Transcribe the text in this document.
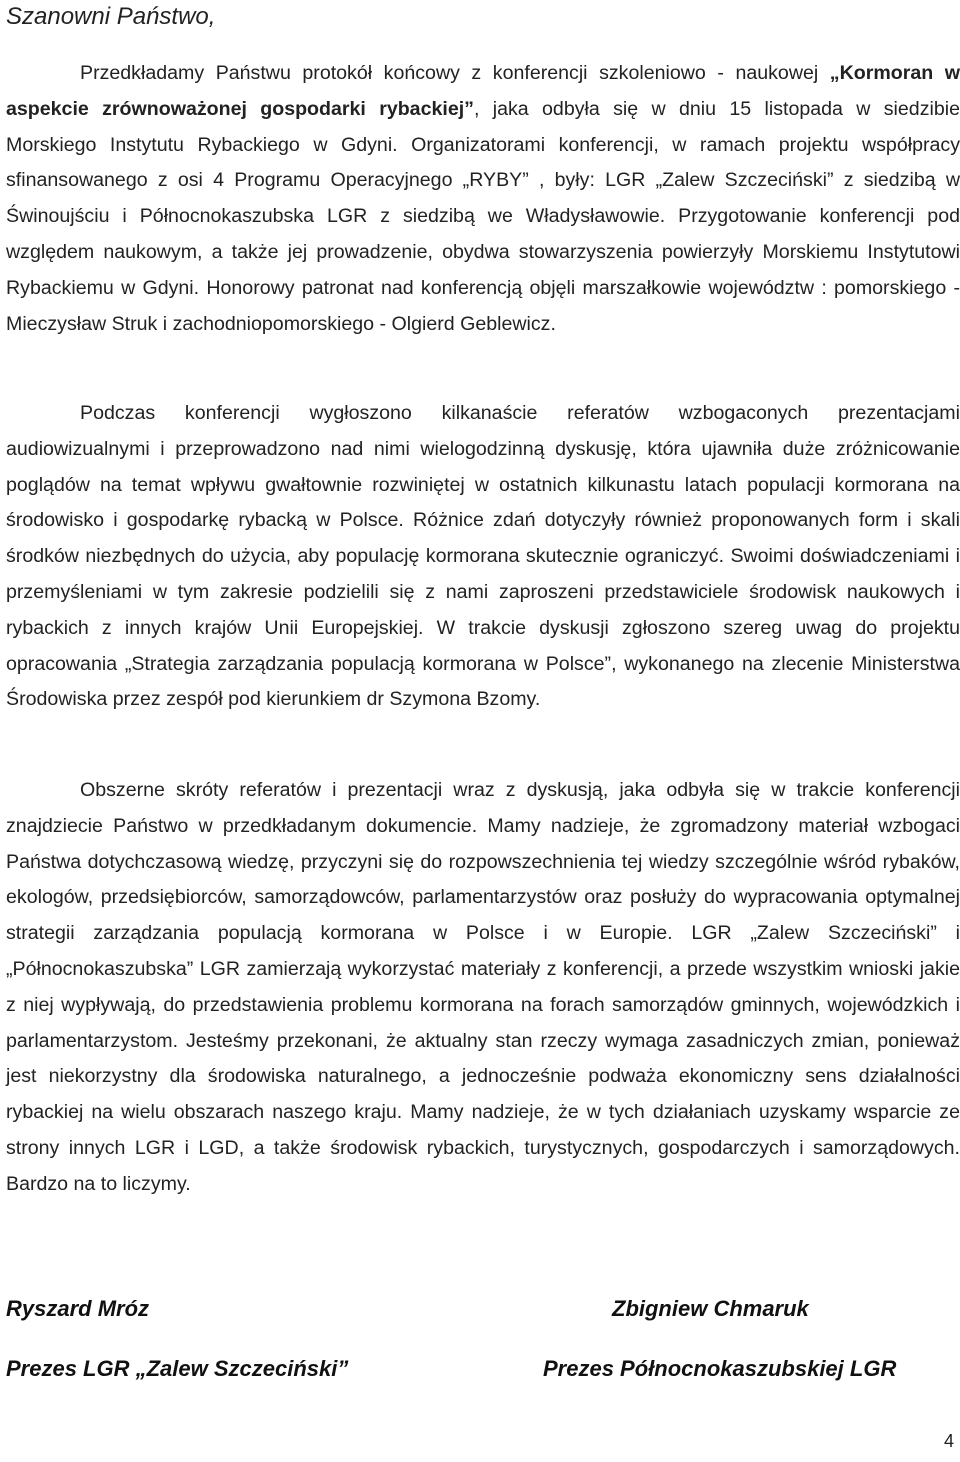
Szanowni Państwo,

Przedkładamy Państwu protokół końcowy z konferencji szkoleniowo - naukowej „Kormoran w aspekcie zrównoważonej gospodarki rybackiej”, jaka odbyła się w dniu 15 listopada w siedzibie Morskiego Instytutu Rybackiego w Gdyni. Organizatorami konferencji, w ramach projektu współpracy sfinansowanego z osi 4 Programu Operacyjnego „RYBY” , były: LGR „Zalew Szczeciński” z siedzibą w Świnoujściu i Północnokaszubska LGR z siedzibą we Władysławowie. Przygotowanie konferencji pod względem naukowym, a także jej prowadzenie, obydwa stowarzyszenia powierzyły Morskiemu Instytutowi Rybackiemu w Gdyni. Honorowy patronat nad konferencją objęli marszałkowie województw : pomorskiego - Mieczysław Struk i zachodniopomorskiego - Olgierd Geblewicz.

Podczas konferencji wygłoszono kilkanaście referatów wzbogaconych prezentacjami audiowizualnymi i przeprowadzono nad nimi wielogodzinną dyskusję, która ujawniła duże zróżnicowanie poglądów na temat wpływu gwałtownie rozwiniętej w ostatnich kilkunastu latach populacji kormorana na środowisko i gospodarkę rybacką w Polsce. Różnice zdań dotyczyły również proponowanych form i skali środków niezbędnych do użycia, aby populację kormorana skutecznie ograniczyć. Swoimi doświadczeniami i przemyśleniami w tym zakresie podzielili się z nami zaproszeni przedstawiciele środowisk naukowych i rybackich z innych krajów Unii Europejskiej. W trakcie dyskusji zgłoszono szereg uwag do projektu opracowania „Strategia zarządzania populacją kormorana w Polsce”, wykonanego na zlecenie Ministerstwa Środowiska przez zespół pod kierunkiem dr Szymona Bzomy.

Obszerne skróty referatów i prezentacji wraz z dyskusją, jaka odbyła się w trakcie konferencji znajdziecie Państwo w przedkładanym dokumencie. Mamy nadzieje, że zgromadzony materiał wzbogaci Państwa dotychczasową wiedzę, przyczyni się do rozpowszechnienia tej wiedzy szczególnie wśród rybaków, ekologów, przedsiębiorców, samorządowców, parlamentarzystów oraz posłuży do wypracowania optymalnej strategii zarządzania populacją kormorana w Polsce i w Europie. LGR „Zalew Szczeciński” i „Północnokaszubska” LGR zamierzają wykorzystać materiały z konferencji, a przede wszystkim wnioski jakie z niej wypływają, do przedstawienia problemu kormorana na forach samorządów gminnych, wojewódzkich i parlamentarzystom. Jesteśmy przekonani, że aktualny stan rzeczy wymaga zasadniczych zmian, ponieważ jest niekorzystny dla środowiska naturalnego, a jednocześnie podważa ekonomiczny sens działalności rybackiej na wielu obszarach naszego kraju. Mamy nadzieje, że w tych działaniach uzyskamy wsparcie ze strony innych LGR i LGD, a także środowisk rybackich, turystycznych, gospodarczych i samorządowych. Bardzo na to liczymy.

Ryszard Mróz
Prezes LGR „Zalew Szczeciński”
Zbigniew Chmaruk
Prezes Północnokaszubskiej LGR
4
